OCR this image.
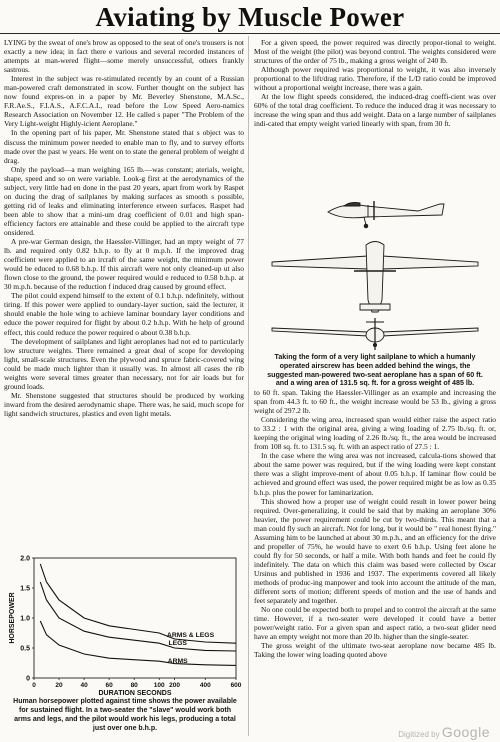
Aviating by Muscle Power

LYING by the sweat of one's brow as opposed to the seat of one's trousers is not exactly a new idea; in fact there e various and several recorded instances of attempts at man-wered flight—some merely unsuccessful, others frankly sastrous.

Interest in the subject was re-stimulated recently by an count of a Russian man-powered craft demonstrated in scow. Further thought on the subject has now found expres-on in a paper by Mr. Beverley Shenstone, M.A.Sc., F.R.Ae.S., F.I.A.S., A.F.C.A.I., read before the Low Speed Aero-namics Research Association on November 12. He called s paper "The Problem of the Very Light-weight Highly-icient Aeroplane."

In the opening part of his paper, Mr. Shenstone stated that s object was to discuss the minimum power needed to enable man to fly, and to survey efforts made over the past w years. He went on to state the general problem of weight d drag.

Only the payload—a man weighing 165 lb.—was constant; aterials, weight, shape, speed and so on were variable. Look-g first at the aerodynamics of the subject, very little had en done in the past 20 years, apart from work by Raspet on ducing the drag of sailplanes by making surfaces as smooth s possible, getting rid of leaks and eliminating interference etween surfaces. Raspet had been able to show that a mini-um drag coefficient of 0.01 and high span-efficiency factors ere attainable and these could be applied to the aircraft type onsidered.

A pre-war German design, the Haessler-Villinger, had an mpty weight of 77 lb. and required only 0.82 b.h.p. to fly at 0 m.p.h. If the improved drag coefficient were applied to an ircraft of the same weight, the minimum power would be educed to 0.68 b.h.p. If this aircraft were not only cleaned-up ut also flown close to the ground, the power required would e reduced to 0.58 b.h.p. at 30 m.p.h. because of the reduction f induced drag caused by ground effect.

The pilot could expend himself to the extent of 0.1 b.h.p. ndefinitely, without tiring. If this power were applied to oundary-layer suction, said the lecturer, it should enable the hole wing to achieve laminar boundary layer conditions and educe the power required for flight by about 0.2 b.h.p. With he help of ground effect, this could reduce the power required o about 0.38 b.h.p.

The development of sailplanes and light aeroplanes had not ed to particularly low structure weights. There remained a great deal of scope for developing light, small-scale structures. Even the plywood and spruce fabric-covered wing could be made much lighter than it usually was. In almost all cases the rib weights were several times greater than necessary, not for air loads but for ground loads.

Mr. Shenstone suggested that structures should be produced by working inward from the desired aerodynamic shape. There was, he said, much scope for light sandwich structures, plastics and even light metals.

For a given speed, the power required was directly propor-tional to weight. Most of the weight (the pilot) was beyond control. The weights considered were structures of the order of 75 lb., making a gross weight of 240 lb.

Although power required was proportional to weight, it was also inversely proportional to the lift/drag ratio. Therefore, if the L/D ratio could be improved without a proportional weight increase, there was a gain.

At the low flight speeds considered, the induced-drag coeffi-cient was over 60% of the total drag coefficient. To reduce the induced drag it was necessary to increase the wing span and thus add weight. Data on a large number of sailplanes indi-cated that empty weight varied linearly with span, from 30 ft.

Taking the form of a very light sailplane to which a humanly operated airscrew has been added behind the wings, the suggested man-powered two-seat aeroplane has a span of 60 ft. and a wing area of 131.5 sq. ft. for a gross weight of 485 lb.

to 60 ft. span. Taking the Haessler-Villinger as an example and increasing the span from 44.3 ft. to 60 ft., the weight increase would be 53 lb., giving a gross weight of 297.2 lb.

Considering the wing area, increased span would either raise the aspect ratio to 33.2 : 1 with the original area, giving a wing loading of 2.75 lb./sq. ft. or, keeping the original wing loading of 2.26 lb./sq. ft., the area would be increased from 108 sq. ft. to 131.5 sq. ft. with an aspect ratio of 27.5 : 1.

In the case where the wing area was not increased, calcula-tions showed that about the same power was required, but if the wing loading were kept constant there was a slight improve-ment of about 0.05 b.h.p. If laminar flow could be achieved and ground effect was used, the power required might be as low as 0.35 b.h.p. plus the power for laminarization.

This showed how a proper use of weight could result in lower power being required. Over-generalizing, it could be said that by making an aeroplane 30% heavier, the power requirement could be cut by two-thirds. This meant that a man could fly such an aircraft. Not for long, but it would be " real honest flying." Assuming him to be launched at about 30 m.p.h., and an efficiency for the drive and propeller of 75%, he would have to exert 0.6 b.h.p. Using feet alone he could fly for 50 seconds, or half a mile. With both hands and feet he could fly indefinitely. The data on which this claim was based were collected by Oscar Ursinus and published in 1936 and 1937. The experiments covered all likely methods of produc-ing manpower and took into account the attitude of the man, different sorts of motion; different speeds of motion and the use of hands and feet separately and together.

No one could be expected both to propel and to control the aircraft at the same time. However, if a two-seater were developed it could have a better power/weight ratio. For a given span and aspect ratio, a two-seat glider need have an empty weight not more than 20 lb. higher than the single-seater.

The gross weight of the ultimate two-seat aeroplane now became 485 lb. Taking the lower wing loading quoted above

0
0.5
1.0
1.5
2.0
0	20	40	60	80 100 200	400	600
DURATION SECONDS
HORSEPOWER	ARMS & LEGS
LEGS
ARMS
Human horsepower plotted against time shows the power available for sustained flight. In a two-seater the "slave" would work both arms and legs, and the pilot would work his legs, producing a total just over one b.h.p.
Digitized by Google
